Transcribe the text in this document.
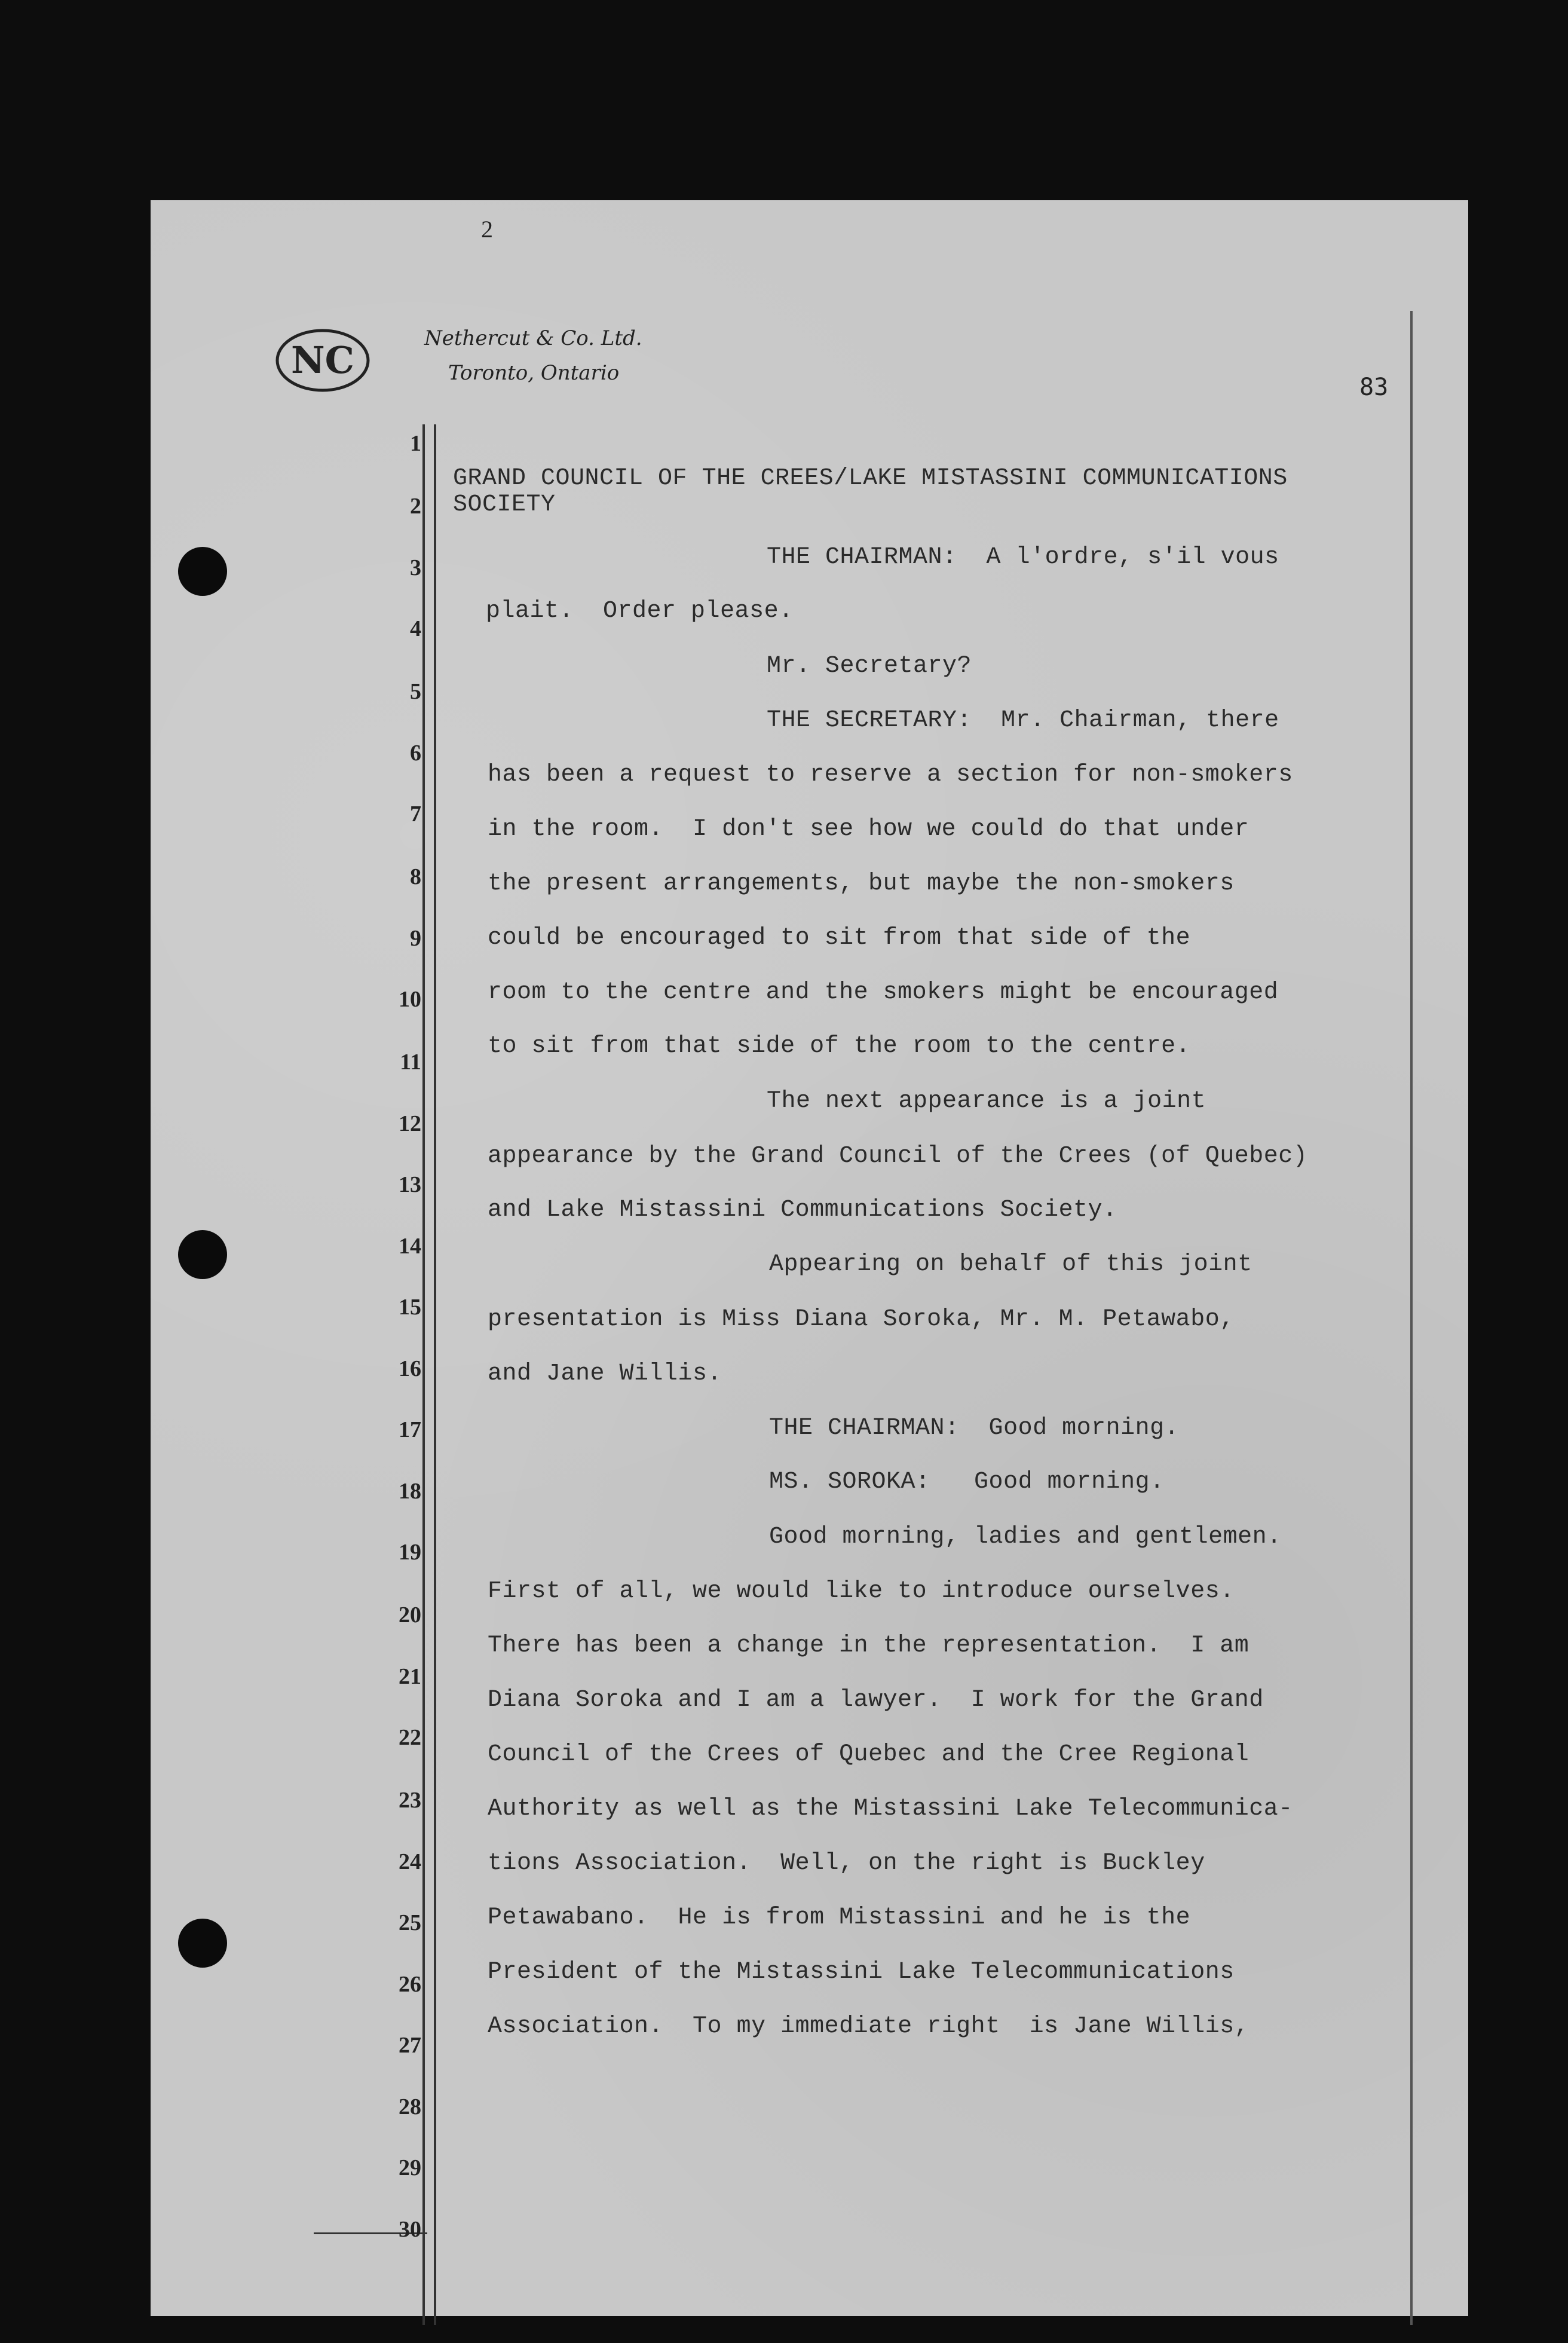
2
NC	Nethercut & Co. Ltd.
Toronto, Ontario
83
1
2
3
4
5
6
7
8
9
10
11
12
13
14
15
16
17
18
19
20
21
22
23
24
25
26
27
28
29
30
GRAND COUNCIL OF THE CREES/LAKE MISTASSINI COMMUNICATIONS
SOCIETY
THE CHAIRMAN:  A l'ordre, s'il vous
plait.  Order please.
Mr. Secretary?
THE SECRETARY:  Mr. Chairman, there
has been a request to reserve a section for non-smokers
in the room.  I don't see how we could do that under
the present arrangements, but maybe the non-smokers
could be encouraged to sit from that side of the
room to the centre and the smokers might be encouraged
to sit from that side of the room to the centre.
The next appearance is a joint
appearance by the Grand Council of the Crees (of Quebec)
and Lake Mistassini Communications Society.
Appearing on behalf of this joint
presentation is Miss Diana Soroka, Mr. M. Petawabo,
and Jane Willis.
THE CHAIRMAN:  Good morning.
MS. SOROKA:   Good morning.
Good morning, ladies and gentlemen.
First of all, we would like to introduce ourselves.
There has been a change in the representation.  I am
Diana Soroka and I am a lawyer.  I work for the Grand
Council of the Crees of Quebec and the Cree Regional
Authority as well as the Mistassini Lake Telecommunica-
tions Association.  Well, on the right is Buckley
Petawabano.  He is from Mistassini and he is the
President of the Mistassini Lake Telecommunications
Association.  To my immediate right  is Jane Willis,
